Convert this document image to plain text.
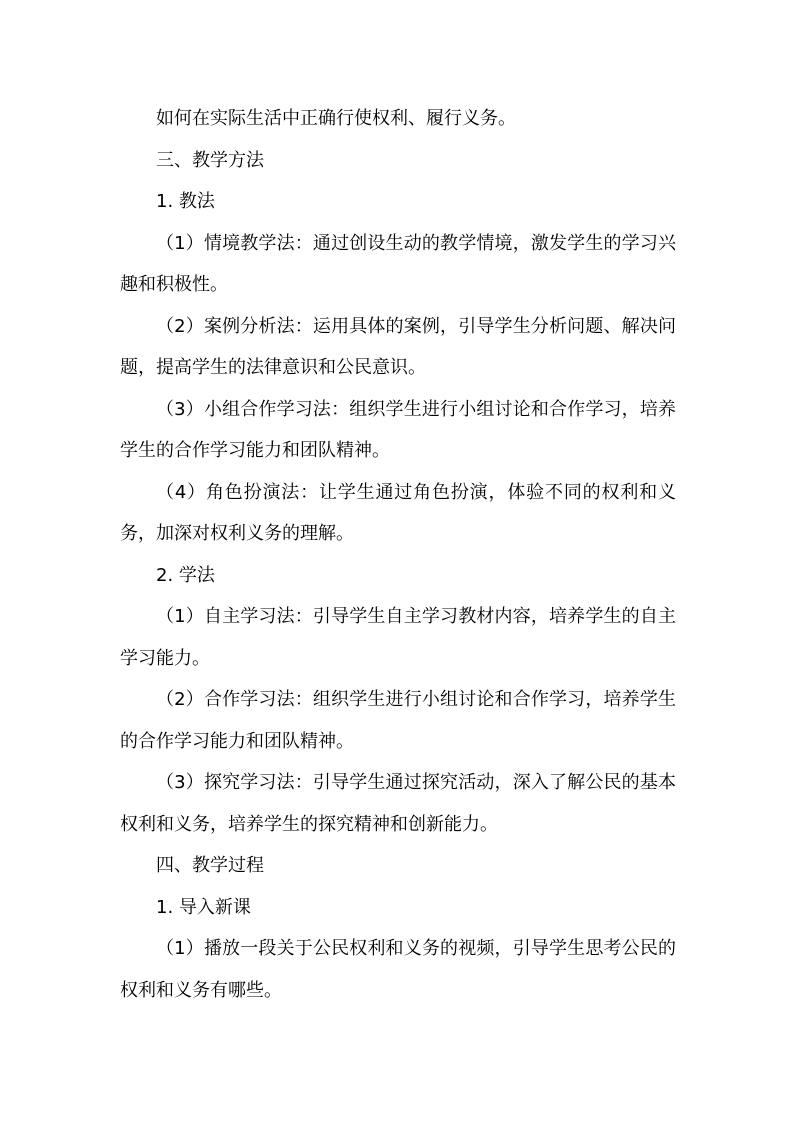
如何在实际生活中正确行使权利、履行义务。

三、教学方法

1. 教法

（1）情境教学法：通过创设生动的教学情境，激发学生的学习兴趣和积极性。

（2）案例分析法：运用具体的案例，引导学生分析问题、解决问题，提高学生的法律意识和公民意识。

（3）小组合作学习法：组织学生进行小组讨论和合作学习，培养学生的合作学习能力和团队精神。

（4）角色扮演法：让学生通过角色扮演，体验不同的权利和义务，加深对权利义务的理解。

2. 学法

（1）自主学习法：引导学生自主学习教材内容，培养学生的自主学习能力。

（2）合作学习法：组织学生进行小组讨论和合作学习，培养学生的合作学习能力和团队精神。

（3）探究学习法：引导学生通过探究活动，深入了解公民的基本权利和义务，培养学生的探究精神和创新能力。

四、教学过程

1. 导入新课

（1）播放一段关于公民权利和义务的视频，引导学生思考公民的权利和义务有哪些。
